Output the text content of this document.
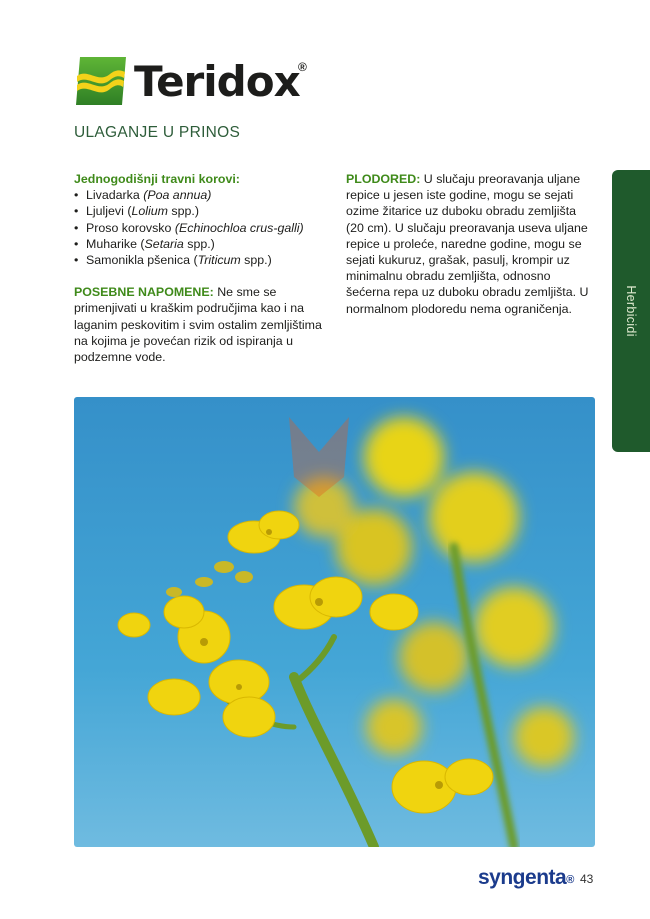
Teridox
®
ULAGANJE U PRINOS
Jednogodišnji travni korovi:
• Livadarka (Poa annua)
• Ljuljevi (Lolium spp.)
• Proso korovsko (Echinochloa crus-galli)
• Muharike (Setaria spp.)
• Samonikla pšenica (Triticum spp.)

POSEBNE NAPOMENE: Ne sme se primenjivati u kraškim područjima kao i na laganim peskovitim i svim ostalim zemljištima na kojima je povećan rizik od ispiranja u podzemne vode.

PLODORED: U slučaju preoravanja uljane repice u jesen iste godine, mogu se sejati ozime žitarice uz duboku obradu zemljišta (20 cm). U slučaju preoravanja useva uljane repice u proleće, naredne godine, mogu se sejati kukuruz, grašak, pasulj, krompir uz minimalnu obradu zemljišta, odnosno šećerna repa uz duboku obradu zemljišta. U normalnom plodoredu nema ograničenja.	Herbicidi
syngenta® 43
